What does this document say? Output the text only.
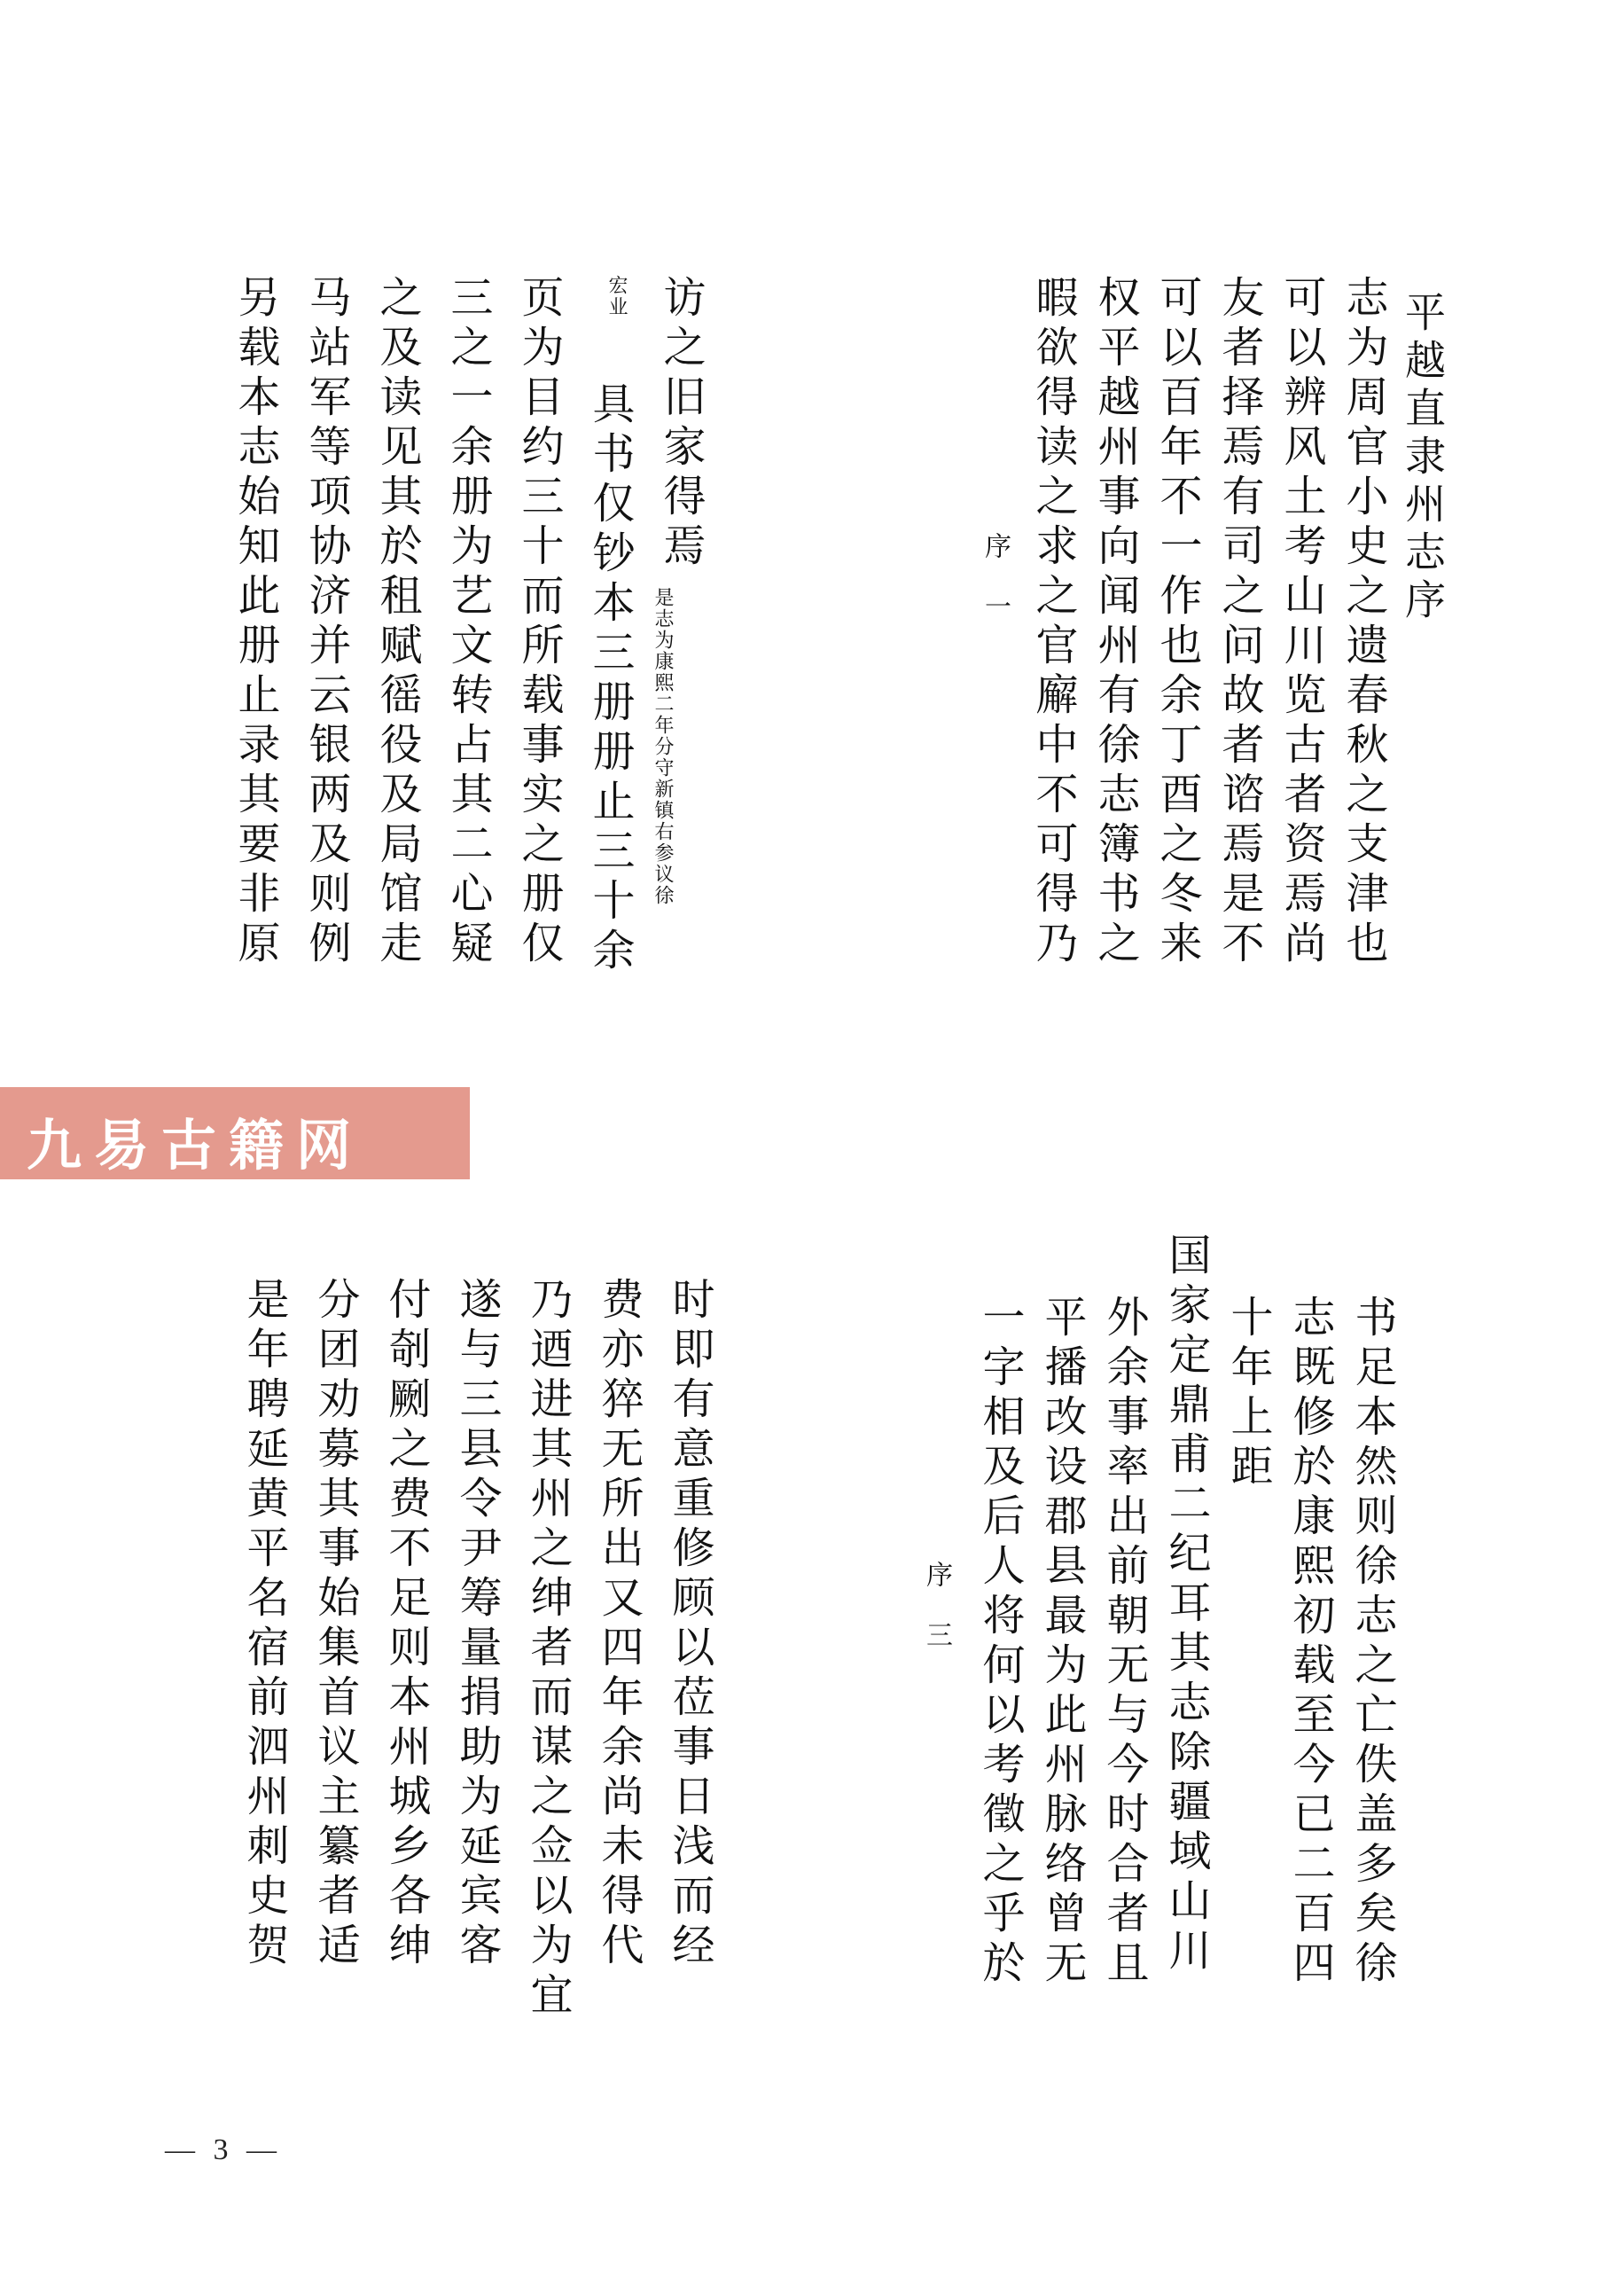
平越直隶州志序
志为周官小史之遗春秋之支津也
可以辨风土考山川览古者资焉尚
友者择焉有司之问故者谘焉是不
可以百年不一作也余丁酉之冬来
权平越州事向闻州有徐志簿书之
暇欲得读之求之官廨中不可得乃
序　一
访之旧家得焉
是志为康熙二年分守新镇右参议徐
宏业
具书仅钞本三册册止三十余
页为目约三十而所载事实之册仅
三之一余册为艺文转占其二心疑
之及读见其於租赋徭役及局馆走
马站军等项协济并云银两及则例
另载本志始知此册止录其要非原
九易古籍网
书足本然则徐志之亡佚盖多矣徐
志既修於康熙初载至今已二百四
十年上距
国家定鼎甫二纪耳其志除疆域山川
外余事率出前朝无与今时合者且
平播改设郡县最为此州脉络曾无
一字相及后人将何以考徵之乎於
序　三
时即有意重修顾以莅事日浅而经
费亦猝无所出又四年余尚未得代
乃迺进其州之绅者而谋之佥以为宜
遂与三县令尹筹量捐助为延宾客
付剞劂之费不足则本州城乡各绅
分团劝募其事始集首议主纂者适
是年聘延黄平名宿前泗州刺史贺
— 3 —
